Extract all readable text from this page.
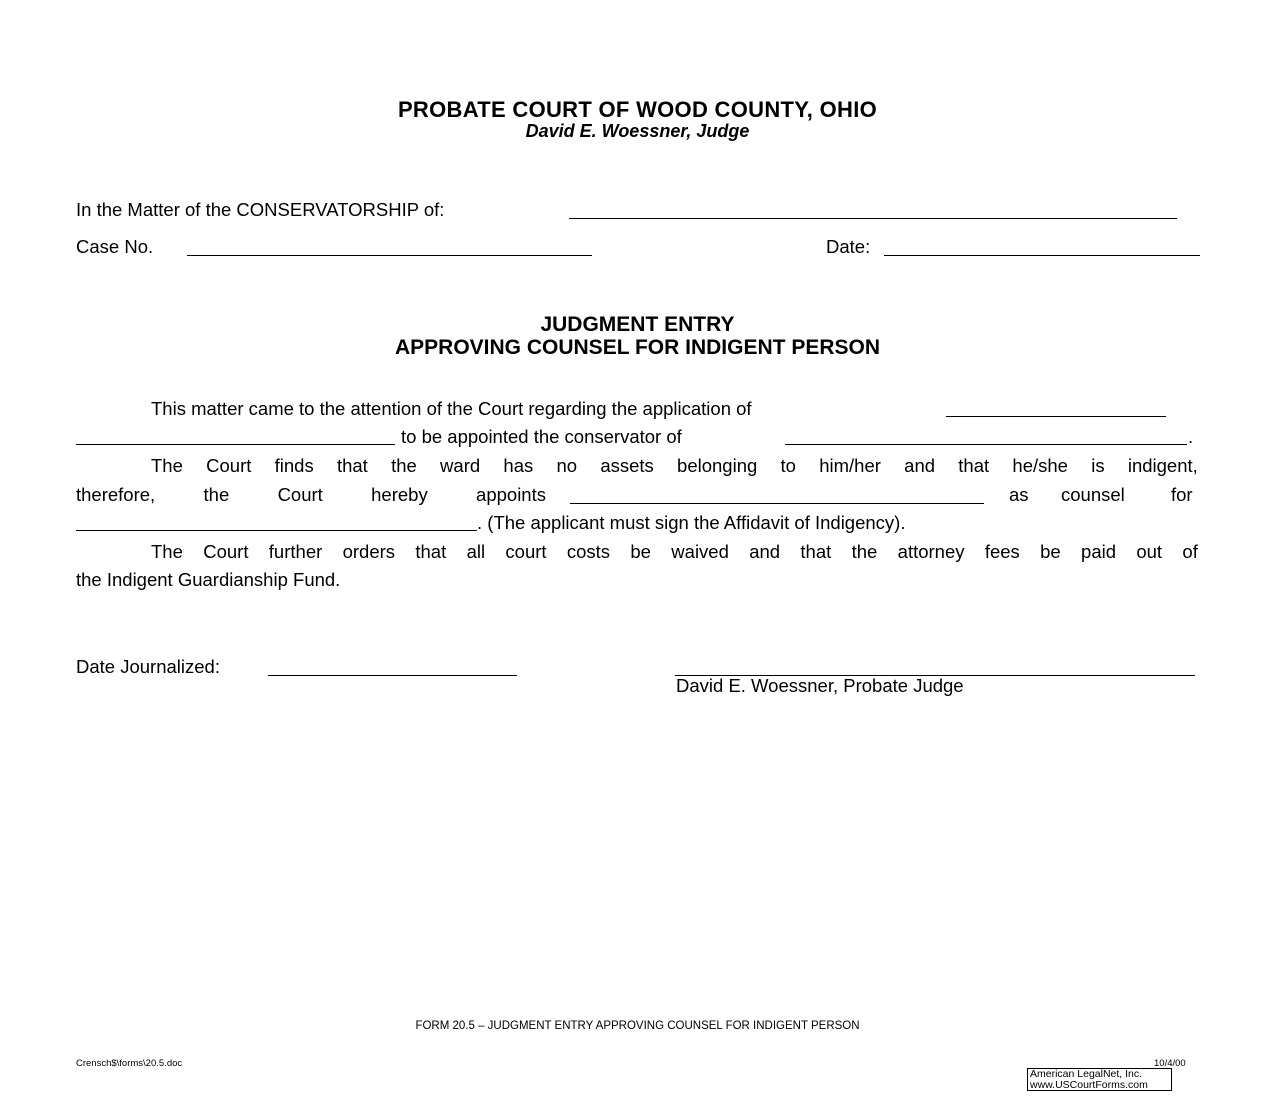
PROBATE COURT OF WOOD COUNTY, OHIO
David E. Woessner, Judge
In the Matter of the CONSERVATORSHIP of:
Case No.	Date:
JUDGMENT ENTRY
APPROVING COUNSEL FOR INDIGENT PERSON
This matter came to the attention of the Court regarding the application of
to be appointed the conservator of	.
The Court finds that the ward has no assets belonging to him/her and that he/she is indigent,
therefore,	the	Court	hereby	appoints	as counsel for
. (The applicant must sign the Affidavit of Indigency).
The Court further orders that all court costs be waived and that the attorney fees be paid out of
the Indigent Guardianship Fund.
Date Journalized:
David E. Woessner, Probate Judge
FORM 20.5 – JUDGMENT ENTRY APPROVING COUNSEL FOR INDIGENT PERSON
Crensch$\forms\20.5.doc	10/4/00
American LegalNet, Inc.
www.USCourtForms.com
